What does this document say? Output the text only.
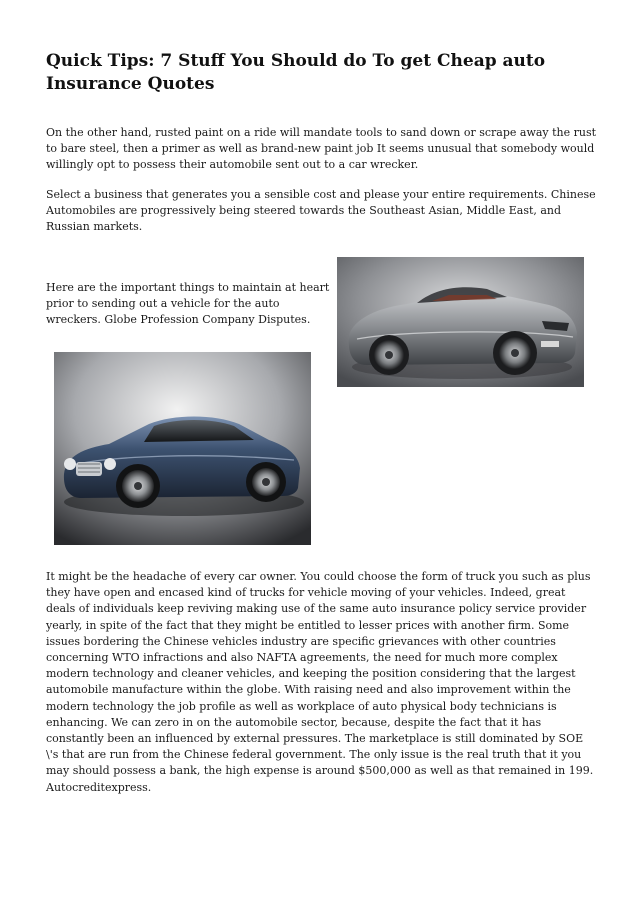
Quick Tips: 7 Stuff You Should do To get Cheap auto Insurance Quotes

On the other hand, rusted paint on a ride will mandate tools to sand down or scrape away the rust to bare steel, then a primer as well as brand-new paint job It seems unusual that somebody would willingly opt to possess their automobile sent out to a car wrecker.

Select a business that generates you a sensible cost and please your entire requirements. Chinese Automobiles are progressively being steered towards the Southeast Asian, Middle East, and Russian markets.

Here are the important things to maintain at heart prior to sending out a vehicle for the auto wreckers. Globe Profession Company Disputes.

It might be the headache of every car owner. You could choose the form of truck you such as plus they have open and encased kind of trucks for vehicle moving of your vehicles. Indeed, great deals of individuals keep reviving making use of the same auto insurance policy service provider yearly, in spite of the fact that they might be entitled to lesser prices with another firm. Some issues bordering the Chinese vehicles industry are specific grievances with other countries concerning WTO infractions and also NAFTA agreements, the need for much more complex modern technology and cleaner vehicles, and keeping the position considering that the largest automobile manufacture within the globe. With raising need and also improvement within the modern technology the job profile as well as workplace of auto physical body technicians is enhancing. We can zero in on the automobile sector, because, despite the fact that it has constantly been an influenced by external pressures. The marketplace is still dominated by SOE \'s that are run from the Chinese federal government. The only issue is the real truth that it you may should possess a bank, the high expense is around $500,000 as well as that remained in 199. Autocreditexpress.
